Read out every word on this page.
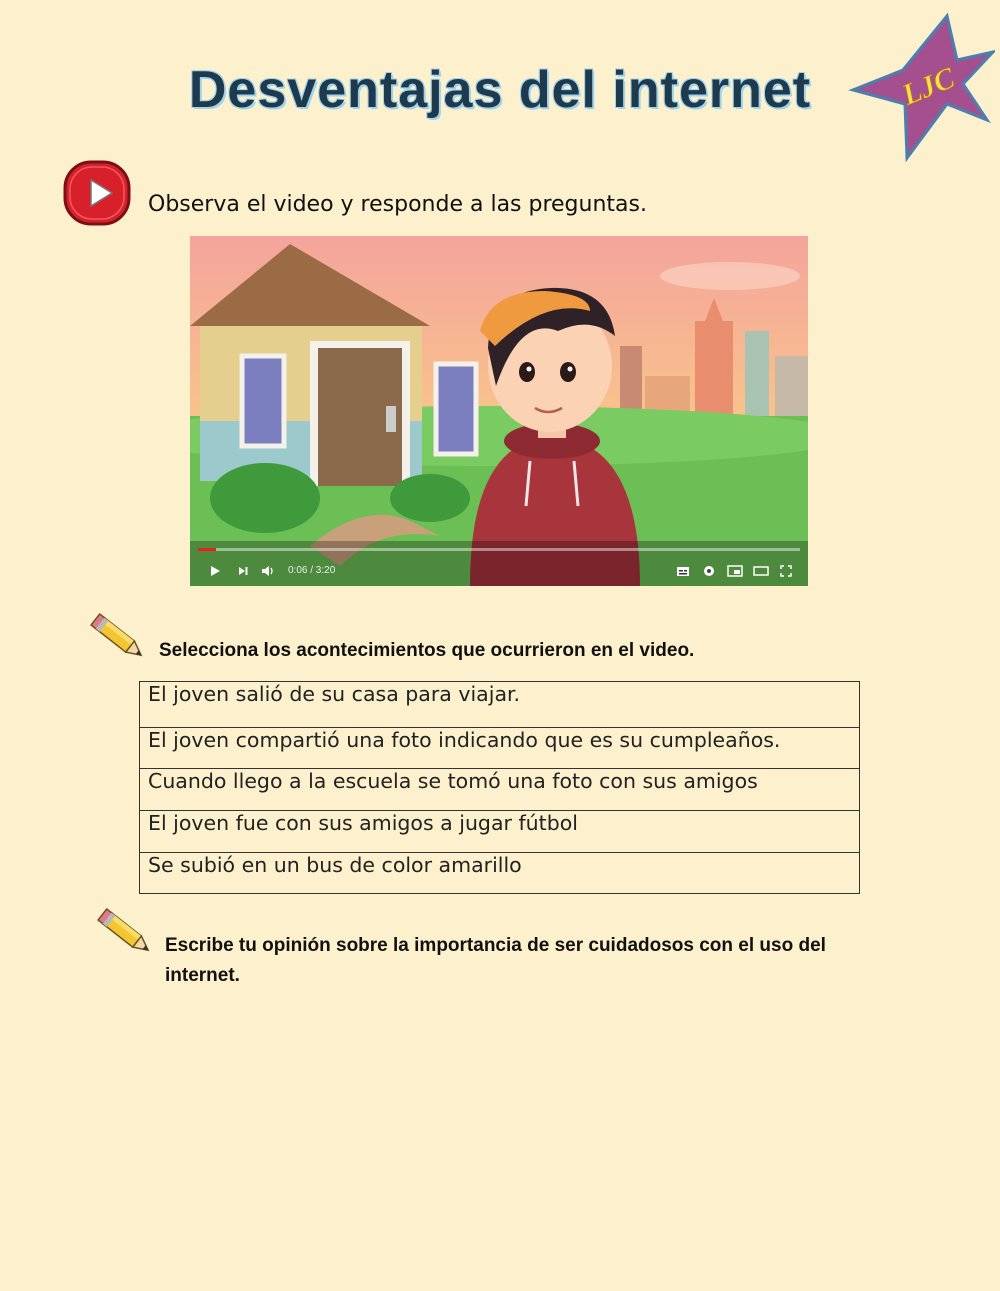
Desventajas del internet	LJC
Observa el video y responde a las preguntas.
0:06 / 3:20
Selecciona los acontecimientos que ocurrieron en el video.
El joven salió de su casa para viajar.
El joven compartió una foto indicando que es su cumpleaños.
Cuando llego a la escuela se tomó una foto con sus amigos
El joven fue con sus amigos a jugar fútbol
Se subió en un bus de color amarillo
Escribe tu opinión sobre la importancia de ser cuidadosos con el uso del internet.
